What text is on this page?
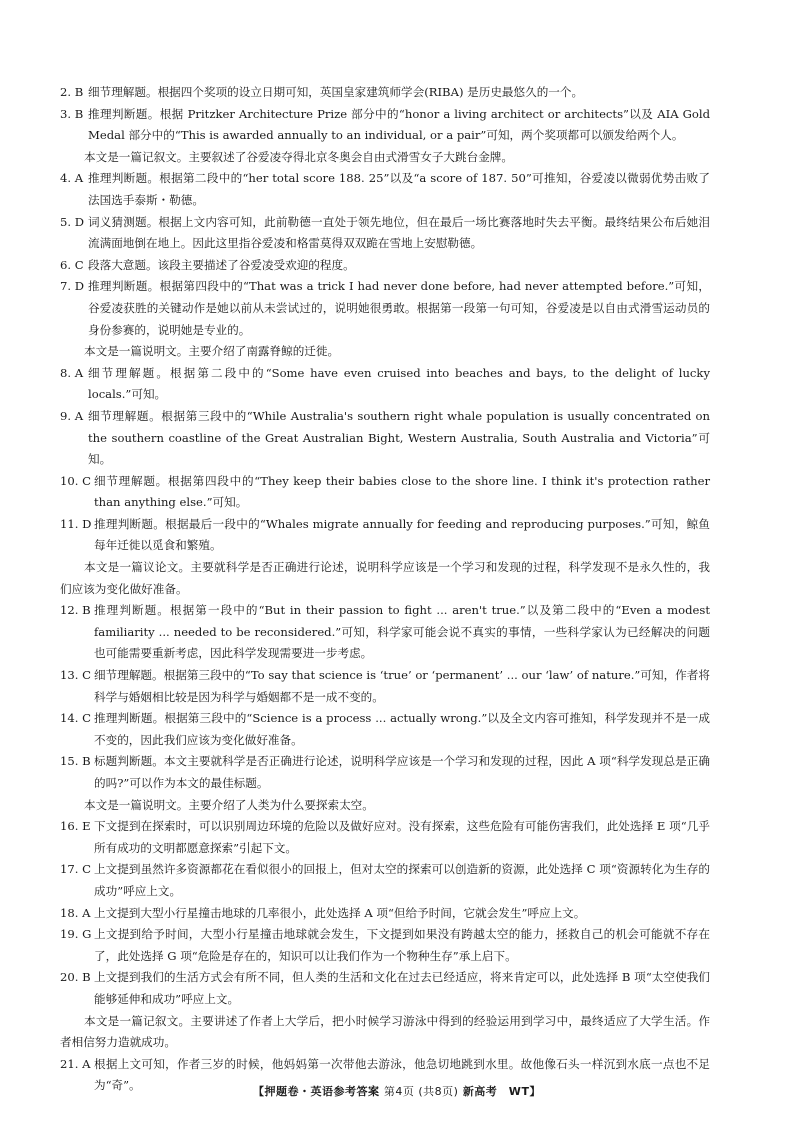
2. B 细节理解题。根据四个奖项的设立日期可知，英国皇家建筑师学会(RIBA) 是历史最悠久的一个。
3. B 推理判断题。根据 Pritzker Architecture Prize 部分中的“honor a living architect or architects”以及 AIA Gold Medal 部分中的“This is awarded annually to an individual, or a pair”可知，两个奖项都可以颁发给两个人。

本文是一篇记叙文。主要叙述了谷爱凌夺得北京冬奥会自由式滑雪女子大跳台金牌。

4. A 推理判断题。根据第二段中的“her total score 188. 25”以及“a score of 187. 50”可推知，谷爱凌以微弱优势击败了法国选手泰斯・勒德。
5. D 词义猜测题。根据上文内容可知，此前勒德一直处于领先地位，但在最后一场比赛落地时失去平衡。最终结果公布后她泪流满面地倒在地上。因此这里指谷爱凌和格雷莫得双双跪在雪地上安慰勒德。
6. C 段落大意题。该段主要描述了谷爱凌受欢迎的程度。
7. D 推理判断题。根据第四段中的“That was a trick I had never done before, had never attempted before.”可知，谷爱凌获胜的关键动作是她以前从未尝试过的，说明她很勇敢。根据第一段第一句可知，谷爱凌是以自由式滑雪运动员的身份参赛的，说明她是专业的。

本文是一篇说明文。主要介绍了南露脊鲸的迁徙。

8. A 细节理解题。根据第二段中的“Some have even cruised into beaches and bays, to the delight of lucky locals.”可知。
9. A 细节理解题。根据第三段中的“While Australia's southern right whale population is usually concentrated on the southern coastline of the Great Australian Bight, Western Australia, South Australia and Victoria”可知。
10. C 细节理解题。根据第四段中的“They keep their babies close to the shore line. I think it's protection rather than anything else.”可知。
11. D 推理判断题。根据最后一段中的“Whales migrate annually for feeding and reproducing purposes.”可知，鲸鱼每年迁徙以觅食和繁殖。

本文是一篇议论文。主要就科学是否正确进行论述，说明科学应该是一个学习和发现的过程，科学发现不是永久性的，我们应该为变化做好准备。

12. B 推理判断题。根据第一段中的“But in their passion to fight ... aren't true.”以及第二段中的“Even a modest familiarity ... needed to be reconsidered.”可知，科学家可能会说不真实的事情，一些科学家认为已经解决的问题也可能需要重新考虑，因此科学发现需要进一步考虑。
13. C 细节理解题。根据第三段中的“To say that science is ‘true’ or ‘permanent’ ... our ‘law’ of nature.”可知，作者将科学与婚姻相比较是因为科学与婚姻都不是一成不变的。
14. C 推理判断题。根据第三段中的“Science is a process ... actually wrong.”以及全文内容可推知，科学发现并不是一成不变的，因此我们应该为变化做好准备。
15. B 标题判断题。本文主要就科学是否正确进行论述，说明科学应该是一个学习和发现的过程，因此 A 项“科学发现总是正确的吗?”可以作为本文的最佳标题。

本文是一篇说明文。主要介绍了人类为什么要探索太空。

16. E 下文提到在探索时，可以识别周边环境的危险以及做好应对。没有探索，这些危险有可能伤害我们，此处选择 E 项“几乎所有成功的文明都愿意探索”引起下文。
17. C 上文提到虽然许多资源都花在看似很小的回报上，但对太空的探索可以创造新的资源，此处选择 C 项“资源转化为生存的成功”呼应上文。
18. A 上文提到大型小行星撞击地球的几率很小，此处选择 A 项“但给予时间，它就会发生”呼应上文。
19. G 上文提到给予时间，大型小行星撞击地球就会发生，下文提到如果没有跨越太空的能力，拯救自己的机会可能就不存在了，此处选择 G 项“危险是存在的，知识可以让我们作为一个物种生存”承上启下。
20. B 上文提到我们的生活方式会有所不同，但人类的生活和文化在过去已经适应，将来肯定可以，此处选择 B 项“太空使我们能够延伸和成功”呼应上文。

本文是一篇记叙文。主要讲述了作者上大学后，把小时候学习游泳中得到的经验运用到学习中，最终适应了大学生活。作者相信努力造就成功。

21. A 根据上文可知，作者三岁的时候，他妈妈第一次带他去游泳，他急切地跳到水里。故他像石头一样沉到水底一点也不足为“奇”。	【押题卷・英语参考答案 第4页 (共8页) 新高考　WT】
